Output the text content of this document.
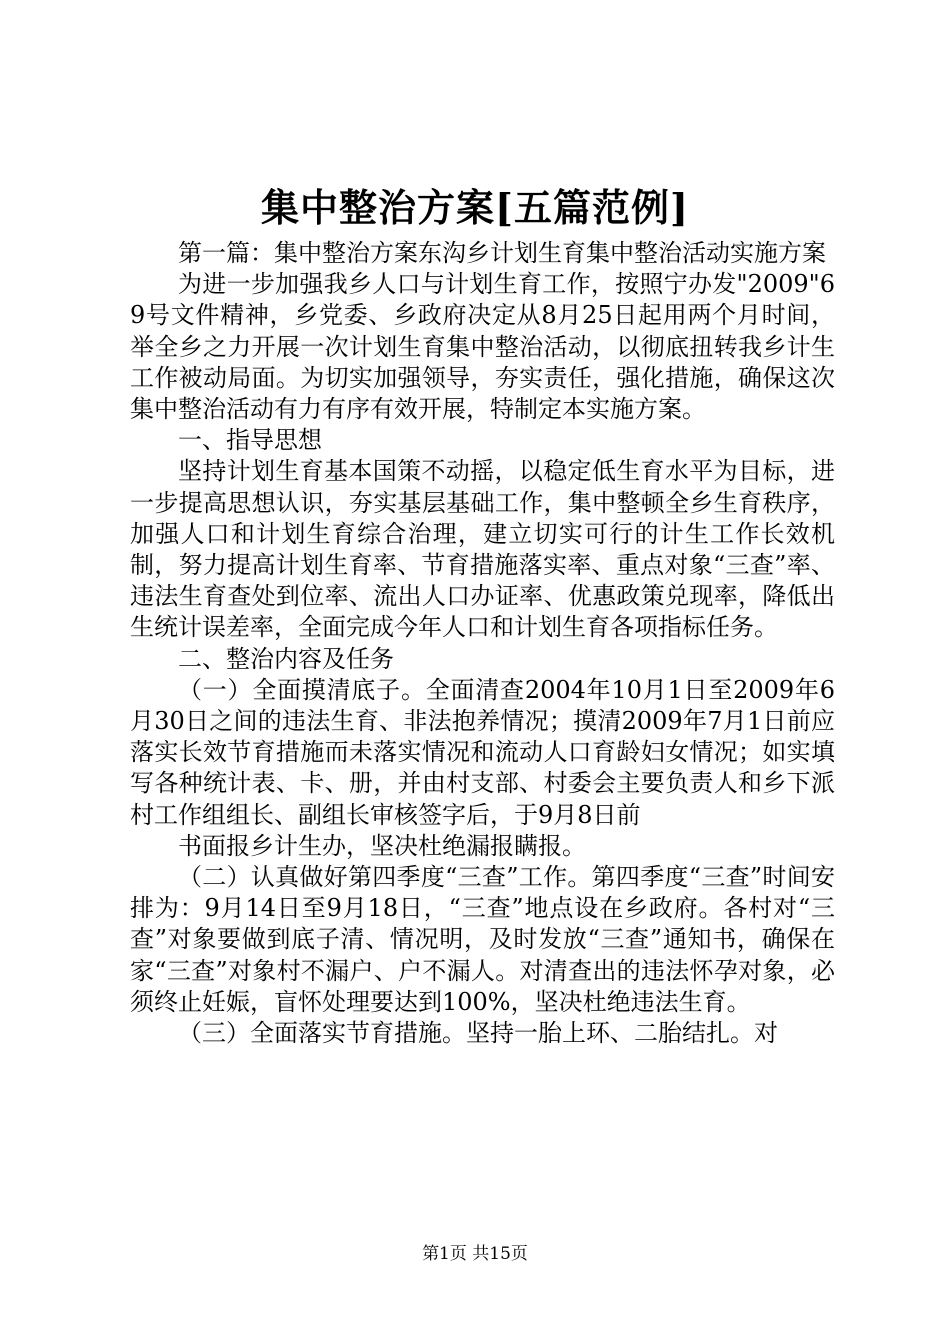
集中整治方案[五篇范例]

第一篇：集中整治方案东沟乡计划生育集中整治活动实施方案

为进一步加强我乡人口与计划生育工作，按照宁办发"2009"69号文件精神，乡党委、乡政府决定从8月25日起用两个月时间，举全乡之力开展一次计划生育集中整治活动，以彻底扭转我乡计生工作被动局面。为切实加强领导，夯实责任，强化措施，确保这次集中整治活动有力有序有效开展，特制定本实施方案。

一、指导思想

坚持计划生育基本国策不动摇，以稳定低生育水平为目标，进一步提高思想认识，夯实基层基础工作，集中整顿全乡生育秩序，加强人口和计划生育综合治理，建立切实可行的计生工作长效机制，努力提高计划生育率、节育措施落实率、重点对象“三查”率、违法生育查处到位率、流出人口办证率、优惠政策兑现率，降低出生统计误差率，全面完成今年人口和计划生育各项指标任务。

二、整治内容及任务

（一）全面摸清底子。全面清查2004年10月1日至2009年6月30日之间的违法生育、非法抱养情况；摸清2009年7月1日前应落实长效节育措施而未落实情况和流动人口育龄妇女情况；如实填写各种统计表、卡、册，并由村支部、村委会主要负责人和乡下派村工作组组长、副组长审核签字后，于9月8日前

书面报乡计生办，坚决杜绝漏报瞒报。

（二）认真做好第四季度“三查”工作。第四季度“三查”时间安排为：9月14日至9月18日，“三查”地点设在乡政府。各村对“三查”对象要做到底子清、情况明，及时发放“三查”通知书，确保在家“三查”对象村不漏户、户不漏人。对清查出的违法怀孕对象，必须终止妊娠，盲怀处理要达到100%，坚决杜绝违法生育。

（三）全面落实节育措施。坚持一胎上环、二胎结扎。对

第1页 共15页
